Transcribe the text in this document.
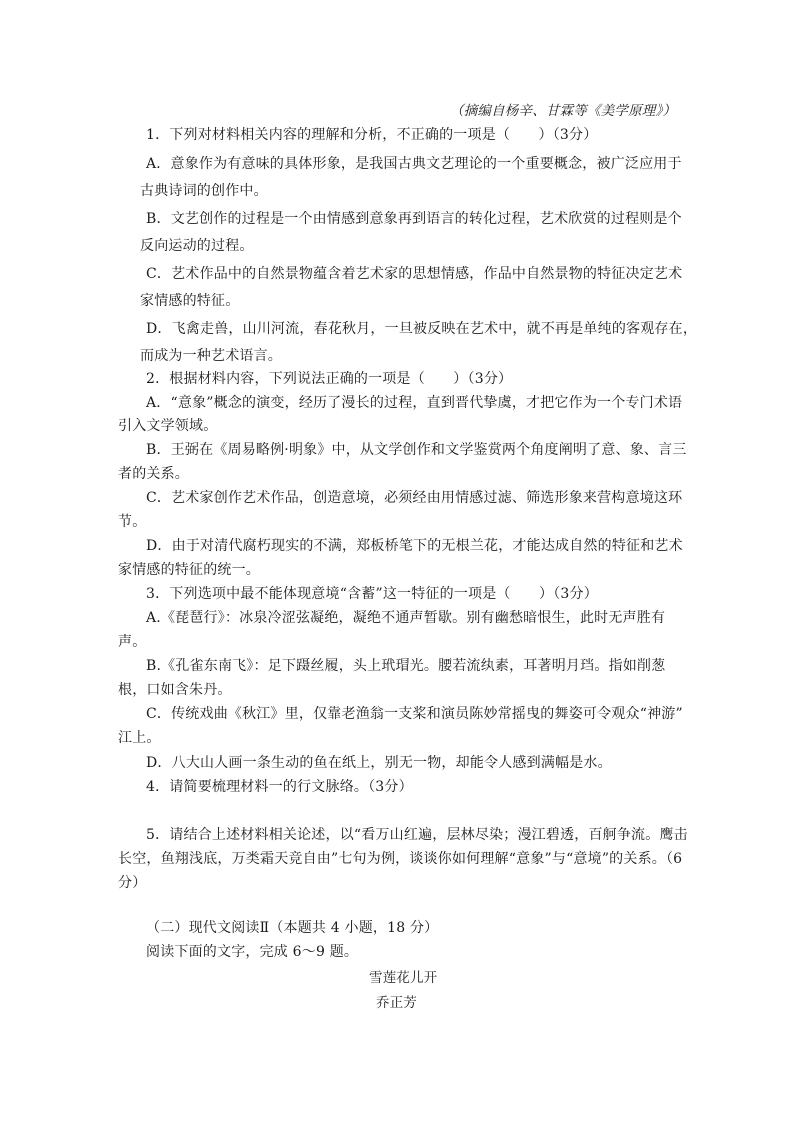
（摘编自杨辛、甘霖等《美学原理》）
1．下列对材料相关内容的理解和分析，不正确的一项是（　　）（3分）
A．意象作为有意味的具体形象，是我国古典文艺理论的一个重要概念，被广泛应用于
古典诗词的创作中。
B．文艺创作的过程是一个由情感到意象再到语言的转化过程，艺术欣赏的过程则是个
反向运动的过程。
C．艺术作品中的自然景物蕴含着艺术家的思想情感，作品中自然景物的特征决定艺术
家情感的特征。
D．飞禽走兽，山川河流，春花秋月，一旦被反映在艺术中，就不再是单纯的客观存在，
而成为一种艺术语言。
2．根据材料内容，下列说法正确的一项是（　　）（3分）
A．“意象”概念的演变，经历了漫长的过程，直到晋代挚虞，才把它作为一个专门术语
引入文学领域。
B．王弼在《周易略例·明象》中，从文学创作和文学鉴赏两个角度阐明了意、象、言三
者的关系。
C．艺术家创作艺术作品，创造意境，必须经由用情感过滤、筛选形象来营构意境这环
节。
D．由于对清代腐朽现实的不满，郑板桥笔下的无根兰花，才能达成自然的特征和艺术
家情感的特征的统一。
3．下列选项中最不能体现意境“含蓄”这一特征的一项是（　　）（3分）
A.《琵琶行》：冰泉冷涩弦凝绝，凝绝不通声暂歇。别有幽愁暗恨生，此时无声胜有
声。
B.《孔雀东南飞》：足下蹑丝履，头上玳瑁光。腰若流纨素，耳著明月珰。指如削葱
根，口如含朱丹。
C．传统戏曲《秋江》里，仅靠老渔翁一支桨和演员陈妙常摇曳的舞姿可令观众“神游”
江上。
D．八大山人画一条生动的鱼在纸上，别无一物，却能令人感到满幅是水。
4．请简要梳理材料一的行文脉络。（3分）
5．请结合上述材料相关论述，以“看万山红遍，层林尽染；漫江碧透，百舸争流。鹰击
长空，鱼翔浅底，万类霜天竞自由”七句为例，谈谈你如何理解“意象”与“意境”的关系。（6
分）
（二）现代文阅读Ⅱ（本题共 4 小题，18 分）
阅读下面的文字，完成 6～9 题。
雪莲花儿开
乔正芳
